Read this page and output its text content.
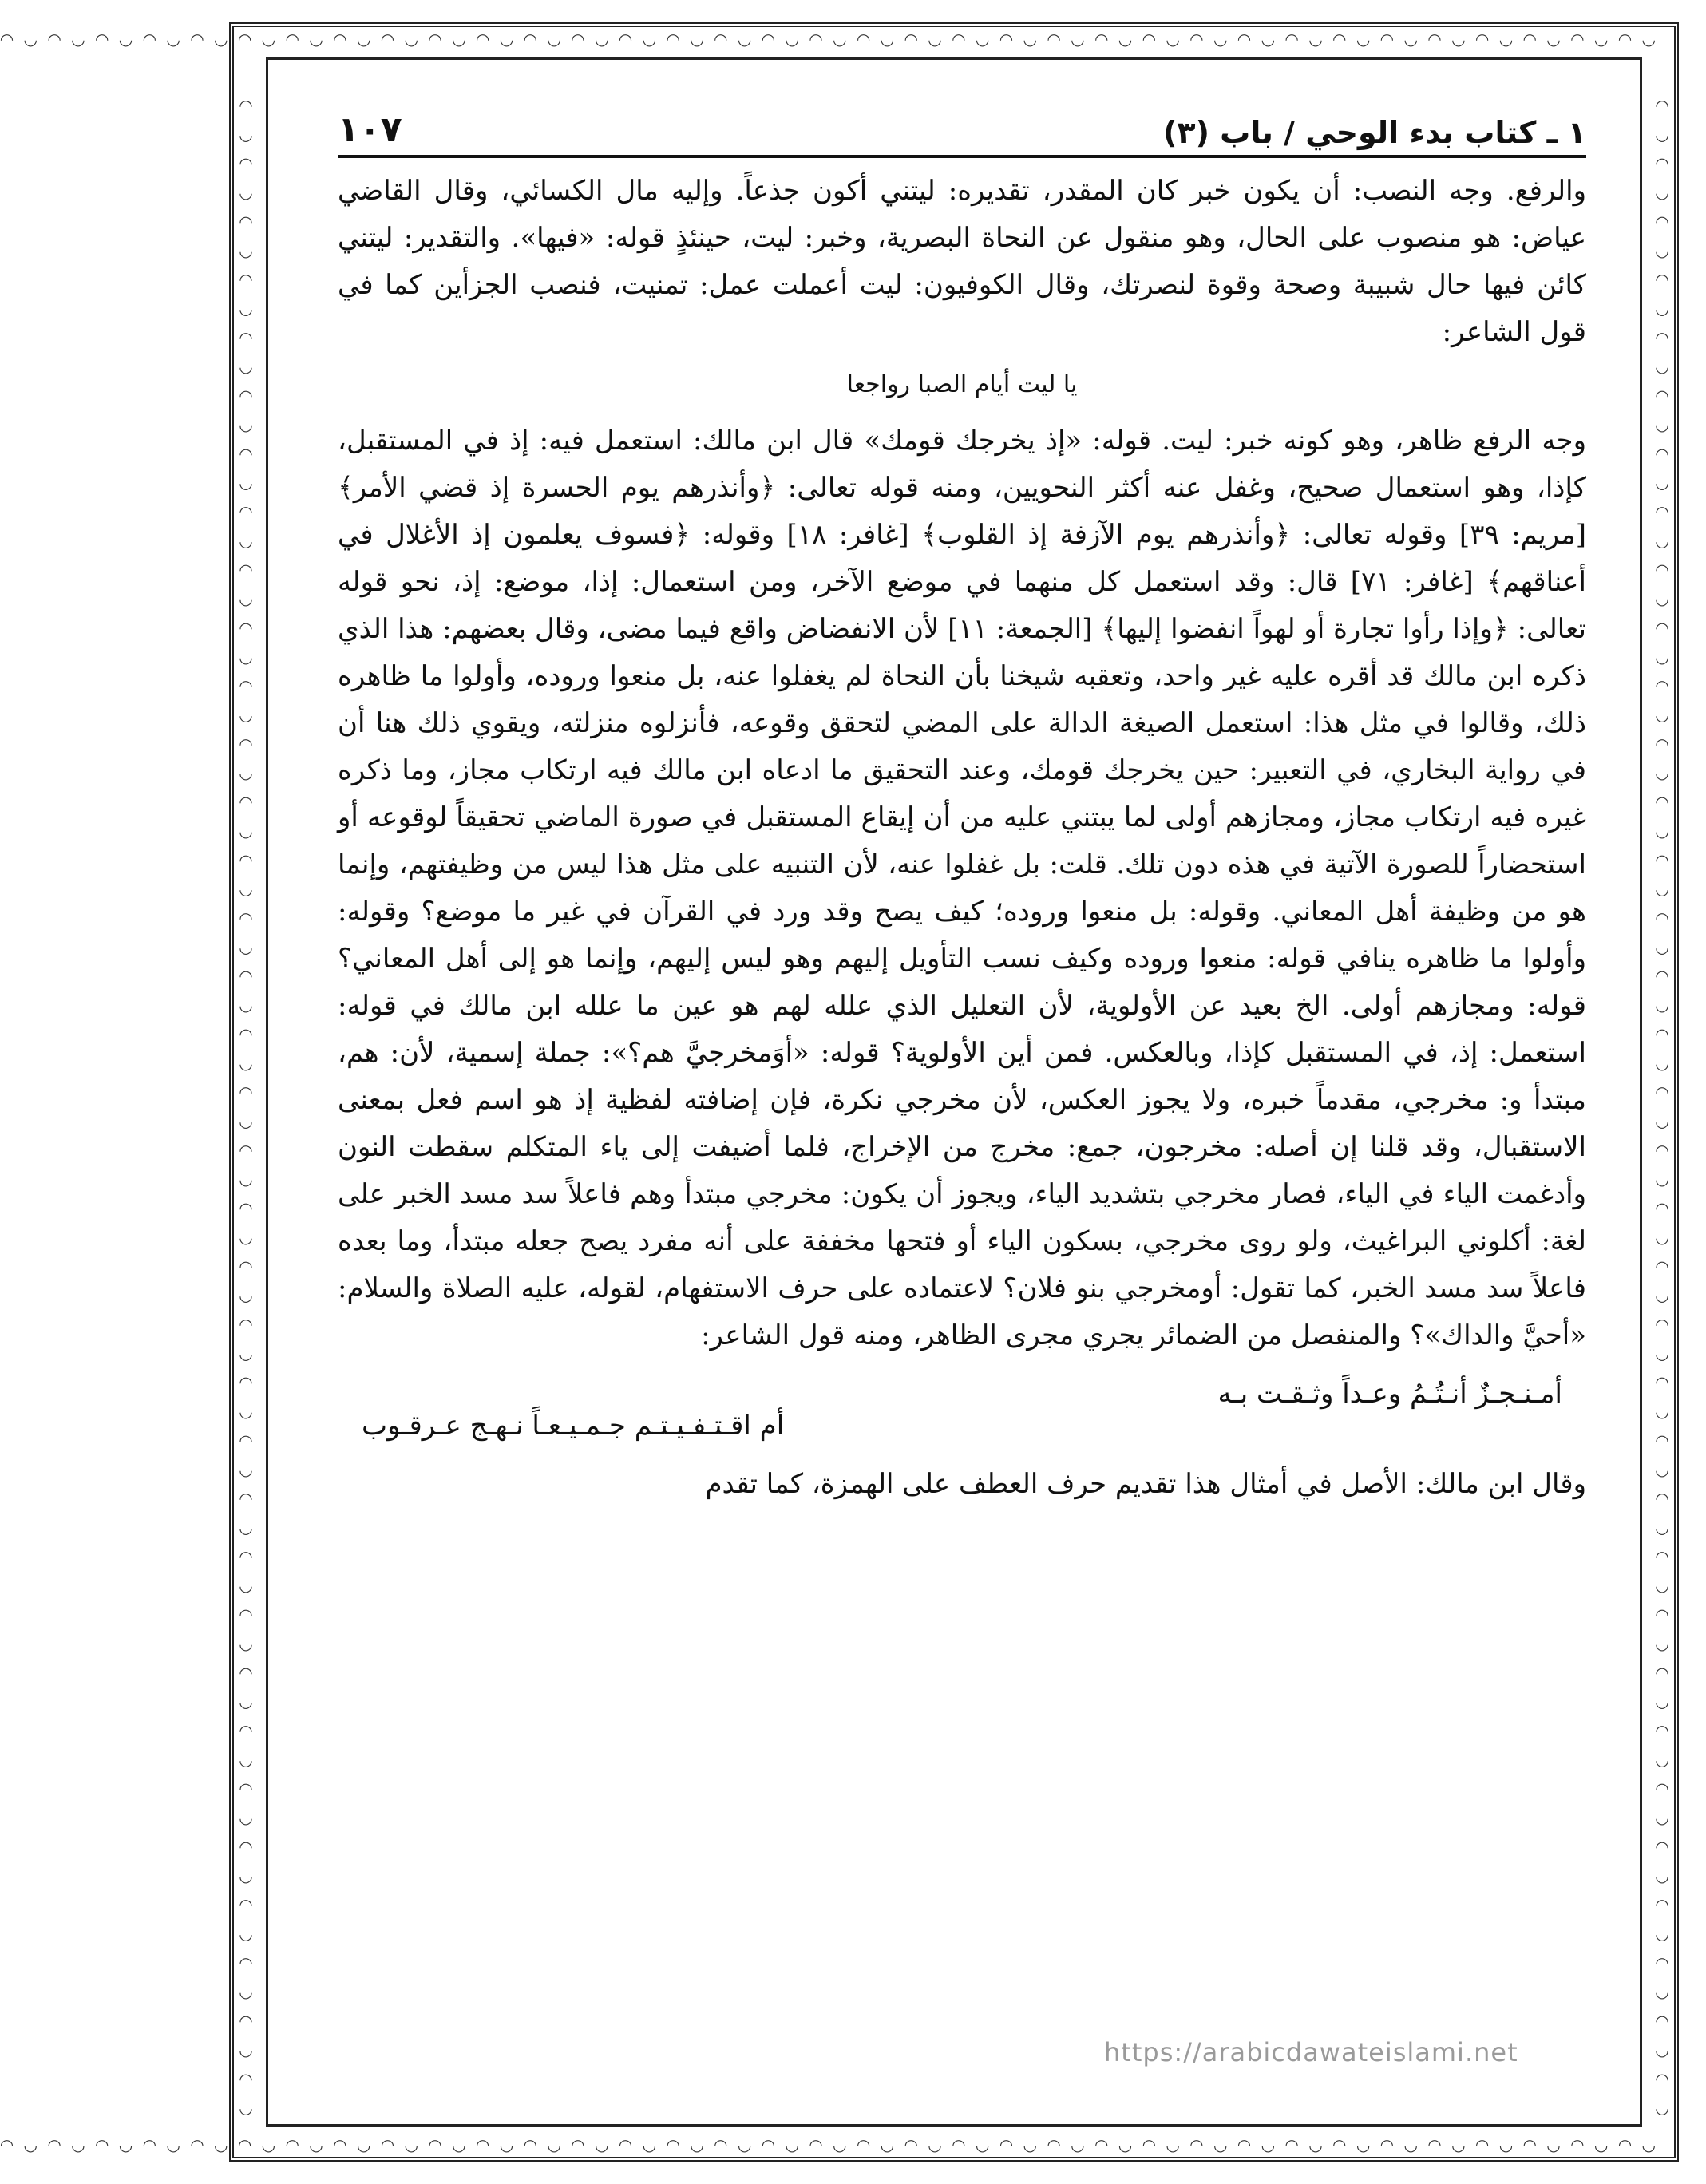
◡ ◠ ◡ ◠ ◡ ◠ ◡ ◠ ◡ ◠ ◡ ◠ ◡ ◠ ◡ ◠ ◡ ◠ ◡ ◠ ◡ ◠ ◡ ◠ ◡ ◠ ◡ ◠ ◡ ◠ ◡ ◠ ◡ ◠ ◡ ◠ ◡ ◠ ◡ ◠ ◡ ◠ ◡ ◠ ◡ ◠ ◡ ◠ ◡ ◠ ◡ ◠ ◡ ◠ ◡ ◠ ◡ ◠ ◡ ◠ ◡ ◠ ◡ ◠ ◡ ◠ ◡ ◠ ◡ ◠
◡ ◠ ◡ ◠ ◡ ◠ ◡ ◠ ◡ ◠ ◡ ◠ ◡ ◠ ◡ ◠ ◡ ◠ ◡ ◠ ◡ ◠ ◡ ◠ ◡ ◠ ◡ ◠ ◡ ◠ ◡ ◠ ◡ ◠ ◡ ◠ ◡ ◠ ◡ ◠ ◡ ◠ ◡ ◠ ◡ ◠ ◡ ◠ ◡ ◠ ◡ ◠ ◡ ◠ ◡ ◠ ◡ ◠ ◡ ◠ ◡ ◠ ◡ ◠ ◡ ◠ ◡ ◠ ◡ ◠
◡ ◠ ◡ ◠ ◡ ◠ ◡ ◠ ◡ ◠ ◡ ◠ ◡ ◠ ◡ ◠ ◡ ◠ ◡ ◠ ◡ ◠ ◡ ◠ ◡ ◠ ◡ ◠ ◡ ◠ ◡ ◠ ◡ ◠ ◡ ◠ ◡ ◠ ◡ ◠ ◡ ◠ ◡ ◠ ◡ ◠ ◡ ◠ ◡ ◠ ◡ ◠ ◡ ◠ ◡ ◠ ◡ ◠ ◡ ◠ ◡ ◠ ◡ ◠ ◡ ◠ ◡ ◠ ◡ ◠	◡ ◠ ◡ ◠ ◡ ◠ ◡ ◠ ◡ ◠ ◡ ◠ ◡ ◠ ◡ ◠ ◡ ◠ ◡ ◠ ◡ ◠ ◡ ◠ ◡ ◠ ◡ ◠ ◡ ◠ ◡ ◠ ◡ ◠ ◡ ◠ ◡ ◠ ◡ ◠ ◡ ◠ ◡ ◠ ◡ ◠ ◡ ◠ ◡ ◠ ◡ ◠ ◡ ◠ ◡ ◠ ◡ ◠ ◡ ◠ ◡ ◠ ◡ ◠ ◡ ◠ ◡ ◠ ◡ ◠
١ ـ كتاب بدء الوحي / باب (٣)
١٠٧

والرفع. وجه النصب: أن يكون خبر كان المقدر، تقديره: ليتني أكون جذعاً. وإليه مال الكسائي، وقال القاضي عياض: هو منصوب على الحال، وهو منقول عن النحاة البصرية، وخبر: ليت، حينئذٍ قوله: «فيها». والتقدير: ليتني كائن فيها حال شبيبة وصحة وقوة لنصرتك، وقال الكوفيون: ليت أعملت عمل: تمنيت، فنصب الجزأين كما في قول الشاعر:

يا ليت أيام الصبا رواجعا

وجه الرفع ظاهر، وهو كونه خبر: ليت. قوله: «إذ يخرجك قومك» قال ابن مالك: استعمل فيه: إذ في المستقبل، كإذا، وهو استعمال صحيح، وغفل عنه أكثر النحويين، ومنه قوله تعالى: ﴿وأنذرهم يوم الحسرة إذ قضي الأمر﴾ [مريم: ٣٩] وقوله تعالى: ﴿وأنذرهم يوم الآزفة إذ القلوب﴾ [غافر: ١٨] وقوله: ﴿فسوف يعلمون إذ الأغلال في أعناقهم﴾ [غافر: ٧١] قال: وقد استعمل كل منهما في موضع الآخر، ومن استعمال: إذا، موضع: إذ، نحو قوله تعالى: ﴿وإذا رأوا تجارة أو لهواً انفضوا إليها﴾ [الجمعة: ١١] لأن الانفضاض واقع فيما مضى، وقال بعضهم: هذا الذي ذكره ابن مالك قد أقره عليه غير واحد، وتعقبه شيخنا بأن النحاة لم يغفلوا عنه، بل منعوا وروده، وأولوا ما ظاهره ذلك، وقالوا في مثل هذا: استعمل الصيغة الدالة على المضي لتحقق وقوعه، فأنزلوه منزلته، ويقوي ذلك هنا أن في رواية البخاري، في التعبير: حين يخرجك قومك، وعند التحقيق ما ادعاه ابن مالك فيه ارتكاب مجاز، وما ذكره غيره فيه ارتكاب مجاز، ومجازهم أولى لما يبتني عليه من أن إيقاع المستقبل في صورة الماضي تحقيقاً لوقوعه أو استحضاراً للصورة الآتية في هذه دون تلك. قلت: بل غفلوا عنه، لأن التنبيه على مثل هذا ليس من وظيفتهم، وإنما هو من وظيفة أهل المعاني. وقوله: بل منعوا وروده؛ كيف يصح وقد ورد في القرآن في غير ما موضع؟ وقوله: وأولوا ما ظاهره ينافي قوله: منعوا وروده وكيف نسب التأويل إليهم وهو ليس إليهم، وإنما هو إلى أهل المعاني؟ قوله: ومجازهم أولى. الخ بعيد عن الأولوية، لأن التعليل الذي علله لهم هو عين ما علله ابن مالك في قوله: استعمل: إذ، في المستقبل كإذا، وبالعكس. فمن أين الأولوية؟ قوله: «أوَمخرجيَّ هم؟»: جملة إسمية، لأن: هم، مبتدأ و: مخرجي، مقدماً خبره، ولا يجوز العكس، لأن مخرجي نكرة، فإن إضافته لفظية إذ هو اسم فعل بمعنى الاستقبال، وقد قلنا إن أصله: مخرجون، جمع: مخرج من الإخراج، فلما أضيفت إلى ياء المتكلم سقطت النون وأدغمت الياء في الياء، فصار مخرجي بتشديد الياء، ويجوز أن يكون: مخرجي مبتدأ وهم فاعلاً سد مسد الخبر على لغة: أكلوني البراغيث، ولو روى مخرجي، بسكون الياء أو فتحها مخففة على أنه مفرد يصح جعله مبتدأ، وما بعده فاعلاً سد مسد الخبر، كما تقول: أومخرجي بنو فلان؟ لاعتماده على حرف الاستفهام، لقوله، عليه الصلاة والسلام: «أحيَّ والداك»؟ والمنفصل من الضمائر يجري مجرى الظاهر، ومنه قول الشاعر:

أمـنـجـزٌ أنـتُـمُ وعـداً وثـقـت بـه
أم اقـتـفـيـتـم جـمـيـعـاً نـهـج عـرقـوب

وقال ابن مالك: الأصل في أمثال هذا تقديم حرف العطف على الهمزة، كما تقدم

https://arabicdawateislami.net
